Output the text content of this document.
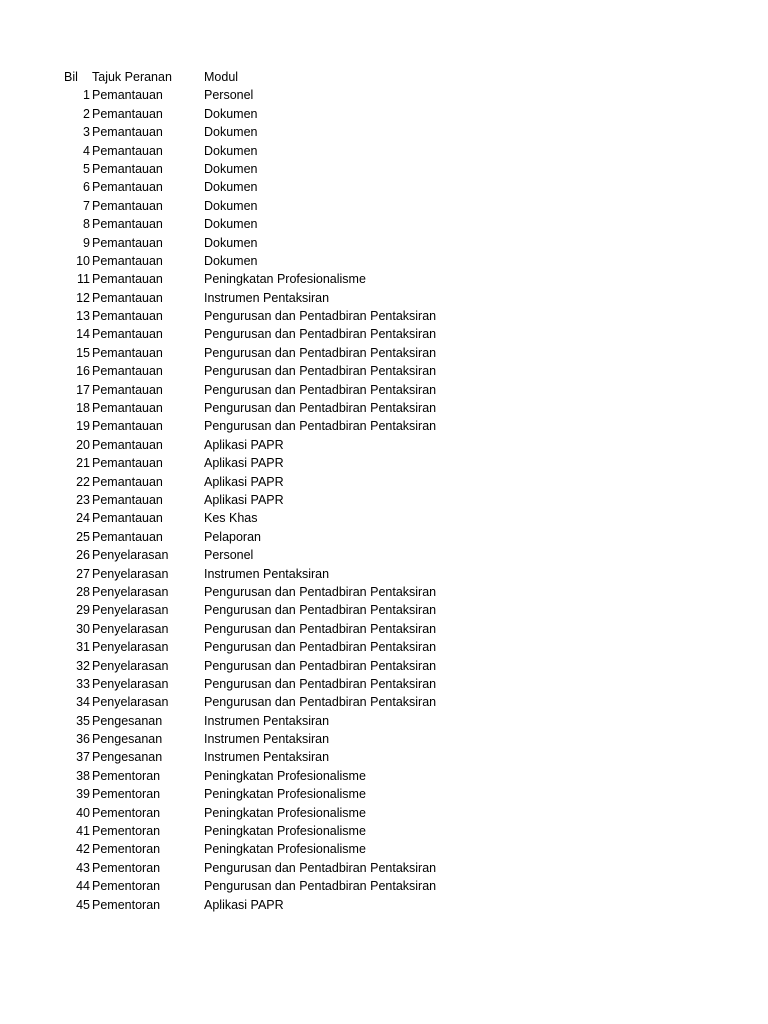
Bil Tajuk Peranan	Modul
1 Pemantauan	Personel
2 Pemantauan	Dokumen
3 Pemantauan	Dokumen
4 Pemantauan	Dokumen
5 Pemantauan	Dokumen
6 Pemantauan	Dokumen
7 Pemantauan	Dokumen
8 Pemantauan	Dokumen
9 Pemantauan	Dokumen
10 Pemantauan	Dokumen
11 Pemantauan	Peningkatan Profesionalisme
12 Pemantauan	Instrumen Pentaksiran
13 Pemantauan	Pengurusan dan Pentadbiran Pentaksiran
14 Pemantauan	Pengurusan dan Pentadbiran Pentaksiran
15 Pemantauan	Pengurusan dan Pentadbiran Pentaksiran
16 Pemantauan	Pengurusan dan Pentadbiran Pentaksiran
17 Pemantauan	Pengurusan dan Pentadbiran Pentaksiran
18 Pemantauan	Pengurusan dan Pentadbiran Pentaksiran
19 Pemantauan	Pengurusan dan Pentadbiran Pentaksiran
20 Pemantauan	Aplikasi PAPR
21 Pemantauan	Aplikasi PAPR
22 Pemantauan	Aplikasi PAPR
23 Pemantauan	Aplikasi PAPR
24 Pemantauan	Kes Khas
25 Pemantauan	Pelaporan
26 Penyelarasan	Personel
27 Penyelarasan	Instrumen Pentaksiran
28 Penyelarasan	Pengurusan dan Pentadbiran Pentaksiran
29 Penyelarasan	Pengurusan dan Pentadbiran Pentaksiran
30 Penyelarasan	Pengurusan dan Pentadbiran Pentaksiran
31 Penyelarasan	Pengurusan dan Pentadbiran Pentaksiran
32 Penyelarasan	Pengurusan dan Pentadbiran Pentaksiran
33 Penyelarasan	Pengurusan dan Pentadbiran Pentaksiran
34 Penyelarasan	Pengurusan dan Pentadbiran Pentaksiran
35 Pengesanan	Instrumen Pentaksiran
36 Pengesanan	Instrumen Pentaksiran
37 Pengesanan	Instrumen Pentaksiran
38 Pementoran	Peningkatan Profesionalisme
39 Pementoran	Peningkatan Profesionalisme
40 Pementoran	Peningkatan Profesionalisme
41 Pementoran	Peningkatan Profesionalisme
42 Pementoran	Peningkatan Profesionalisme
43 Pementoran	Pengurusan dan Pentadbiran Pentaksiran
44 Pementoran	Pengurusan dan Pentadbiran Pentaksiran
45 Pementoran	Aplikasi PAPR
